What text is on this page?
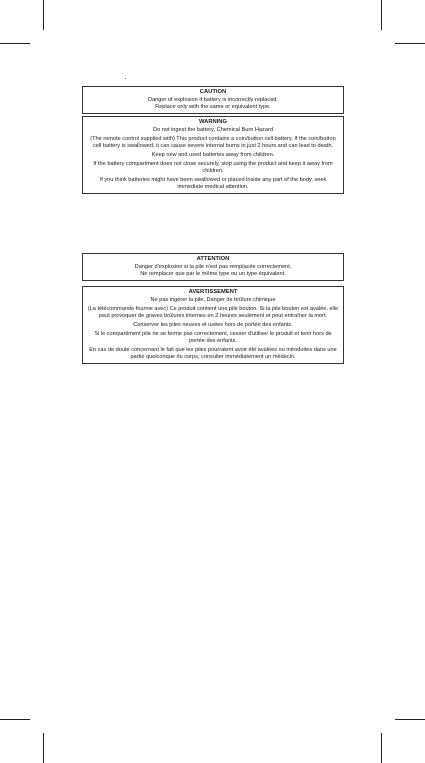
CAUTION

Danger of explosion if battery is incorrectly replaced.

Replace only with the same or equivalent type.

WARNING

Do not ingest the battery, Chemical Burn Hazard

(The remote control supplied with) This product contains a coin/button cell battery. If the coin/button cell battery is swallowed, it can cause severe internal burns in just 2 hours and can lead to death.

Keep new and used batteries away from children.

If the battery compartment does not close securely, stop using the product and keep it away from children.

If you think batteries might have been swallowed or placed inside any part of the body, seek immediate medical attention.

ATTENTION

Danger d'explosion si la pile n'est pas remplacée correctement.

Ne remplacer que par le même type ou un type équivalent.

AVERTISSEMENT

Ne pas ingérer la pile, Danger de brûlure chimique

(La télécommande fournie avec) Ce produit contient une pile bouton. Si la pile bouton est avalée, elle peut provoquer de graves brûlures internes en 2 heures seulement et peut entraîner la mort.

Conserver les piles neuves et usées hors de portée des enfants.

Si le compartiment pile ne se ferme pas correctement, cesser d'utiliser le produit et tenir hors de portée des enfants.

En cas de doute concernant le fait que les piles pourraient avoir été avalées ou introduites dans une partie quelconque du corps, consulter immédiatement un médecin.
